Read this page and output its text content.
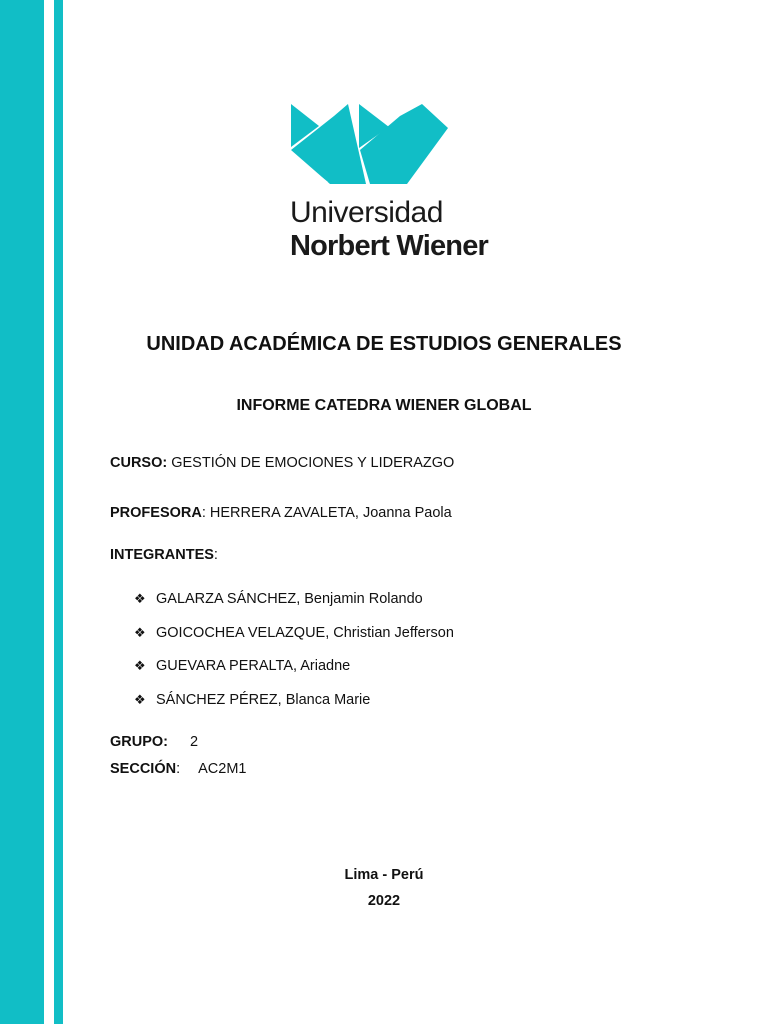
Universidad
Norbert Wiener
UNIDAD ACADÉMICA DE ESTUDIOS GENERALES
INFORME CATEDRA WIENER GLOBAL
CURSO: GESTIÓN DE EMOCIONES Y LIDERAZGO
PROFESORA: HERRERA ZAVALETA, Joanna Paola
INTEGRANTES:
❖ GALARZA SÁNCHEZ, Benjamin Rolando
❖ GOICOCHEA VELAZQUE, Christian Jefferson
❖ GUEVARA PERALTA, Ariadne
❖ SÁNCHEZ PÉREZ, Blanca Marie
GRUPO: 2
SECCIÓN: AC2M1
Lima - Perú
2022
